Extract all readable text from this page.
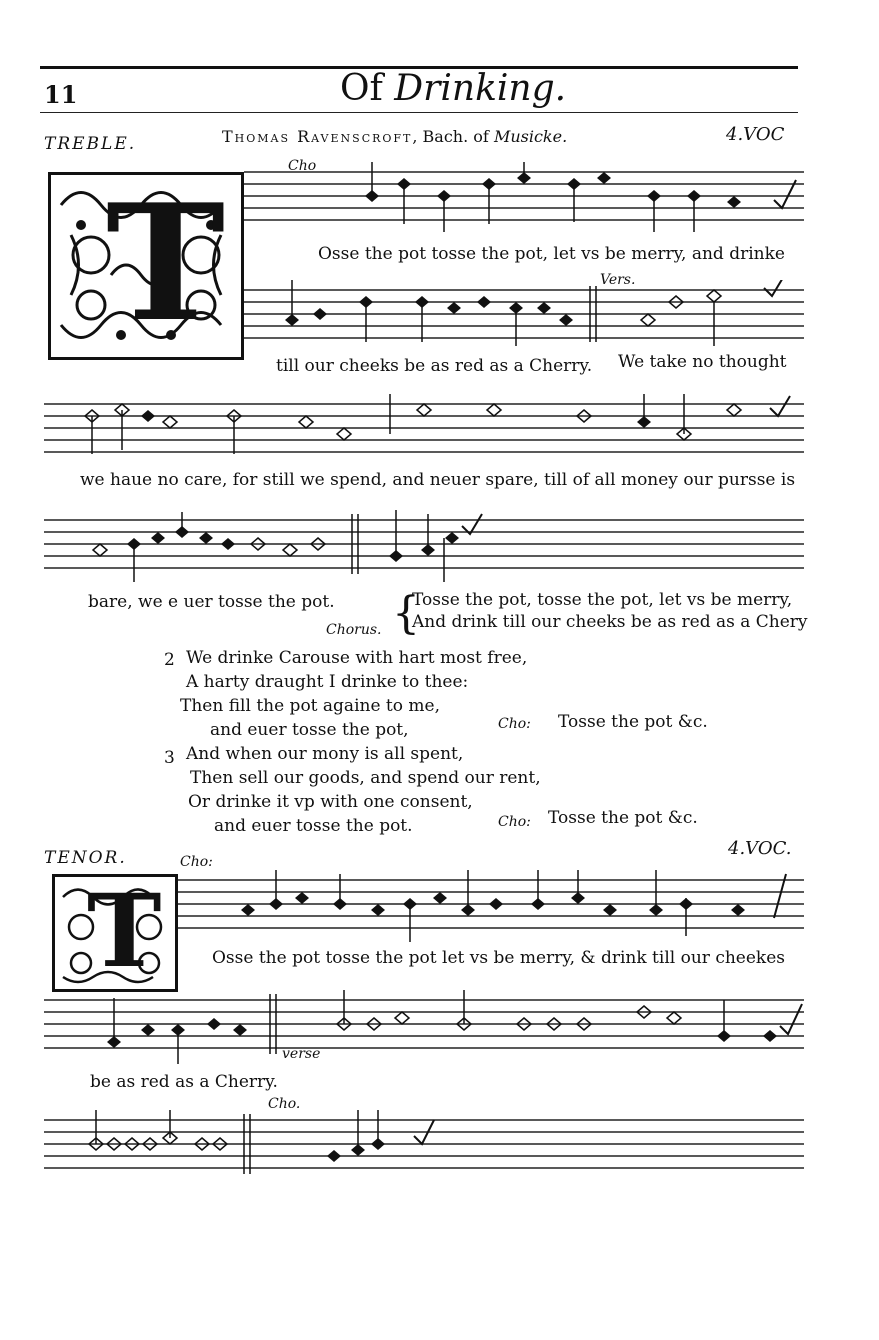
11	Of Drinking.
TREBLE.	Thomas Ravenscroft, Bach. of Musicke.	4.VOC
T
Cho
Osse the pot tosse the pot, let vs be merry, and drinke
Vers.
till our cheeks be as red as a Cherry. We take no thought
we haue no care, for still we spend, and neuer spare, till of all money our pursse is
bare, we e uer tosse the pot.
Chorus. {
Tosse the pot, tosse the pot, let vs be merry,
And drink till our cheeks be as red as a Chery
2 We drinke Carouse with hart most free,
A harty draught I drinke to thee:
Then fill the pot againe to me,
and euer tosse the pot,	Cho: Tosse the pot &c.
3 And when our mony is all spent,
Then sell our goods, and spend our rent,
Or drinke it vp with one consent,
and euer tosse the pot.	Cho: Tosse the pot &c.
TENOR.	Cho:
4.VOC.
T	Osse the pot tosse the pot let vs be merry, & drink till our cheekes
verse
be as red as a Cherry.
Cho.
